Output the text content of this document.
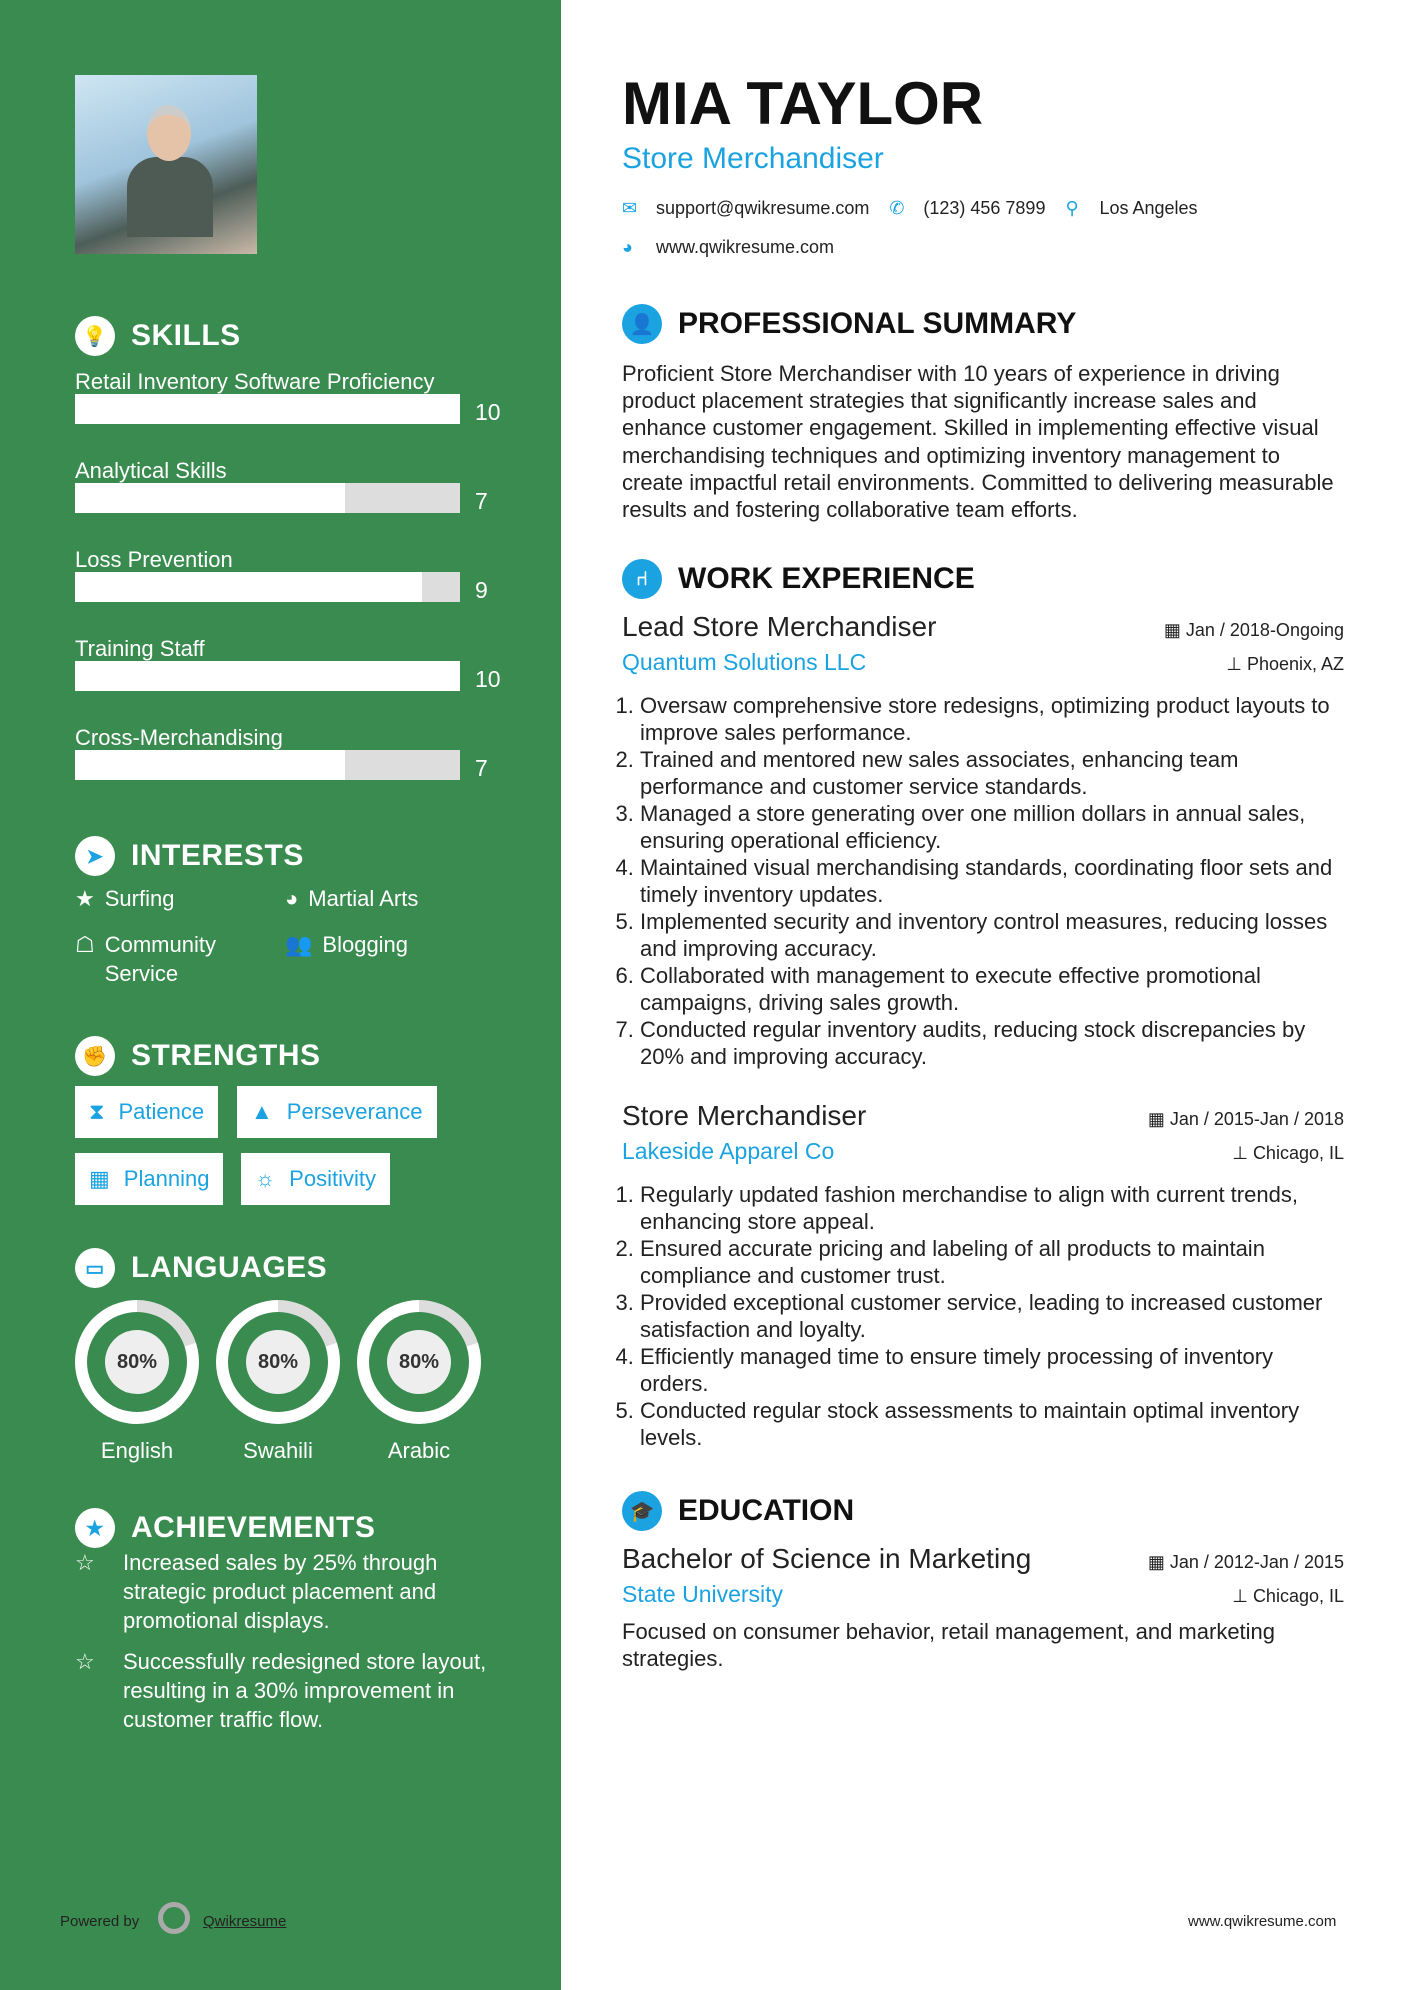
💡 SKILLS
Retail Inventory Software Proficiency
10
Analytical Skills
7
Loss Prevention
9
Training Staff
10
Cross-Merchandising
7
➤ INTERESTS
★ Surfing	◕ Martial Arts
☖ Community Service
👥 Blogging
✊ STRENGTHS
⧗ Patience ▲ Perseverance
▦ Planning ☼ Positivity
▭ LANGUAGES
80%
English
80%
Swahili
80%
Arabic
★ ACHIEVEMENTS
☆	Increased sales by 25% through strategic product placement and promotional displays.
☆	Successfully redesigned store layout, resulting in a 30% improvement in customer traffic flow.
Powered by	Qwikresume	www.qwikresume.com
MIA TAYLOR
Store Merchandiser
✉	support@qwikresume.com ✆	(123) 456 7899 ⚲	Los Angeles
◕	www.qwikresume.com
👤 PROFESSIONAL SUMMARY

Proficient Store Merchandiser with 10 years of experience in driving product placement strategies that significantly increase sales and enhance customer engagement. Skilled in implementing effective visual merchandising techniques and optimizing inventory management to create impactful retail environments. Committed to delivering measurable results and fostering collaborative team efforts.

⑁	WORK EXPERIENCE
Lead Store Merchandiser	▦ Jan / 2018-Ongoing
Quantum Solutions LLC	⊥ Phoenix, AZ
1. Oversaw comprehensive store redesigns, optimizing product layouts to improve sales performance.
2. Trained and mentored new sales associates, enhancing team performance and customer service standards.
3. Managed a store generating over one million dollars in annual sales, ensuring operational efficiency.
4. Maintained visual merchandising standards, coordinating floor sets and timely inventory updates.
5. Implemented security and inventory control measures, reducing losses and improving accuracy.
6. Collaborated with management to execute effective promotional campaigns, driving sales growth.
7. Conducted regular inventory audits, reducing stock discrepancies by 20% and improving accuracy.
Store Merchandiser	▦ Jan / 2015-Jan / 2018
Lakeside Apparel Co	⊥ Chicago, IL
1. Regularly updated fashion merchandise to align with current trends, enhancing store appeal.
2. Ensured accurate pricing and labeling of all products to maintain compliance and customer trust.
3. Provided exceptional customer service, leading to increased customer satisfaction and loyalty.
4. Efficiently managed time to ensure timely processing of inventory orders.
5. Conducted regular stock assessments to maintain optimal inventory levels.
🎓 EDUCATION
Bachelor of Science in Marketing	▦ Jan / 2012-Jan / 2015
State University	⊥ Chicago, IL

Focused on consumer behavior, retail management, and marketing strategies.
